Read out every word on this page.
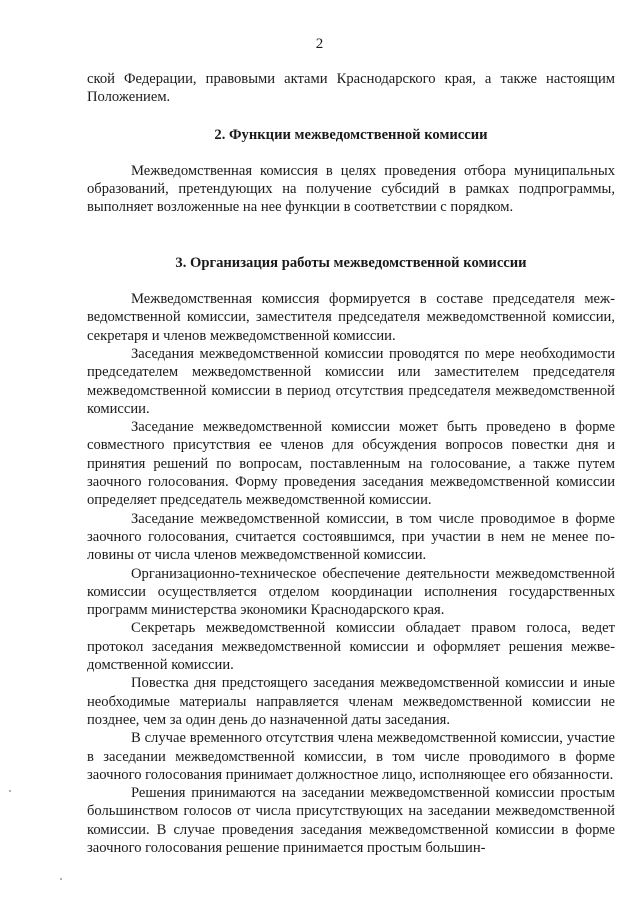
2

ской Федерации, правовыми актами Краснодарского края, а также настоящим Положением.

2. Функции межведомственной комиссии

Межведомственная комиссия в целях проведения отбора муниципальных образований, претендующих на получение субсидий в рамках подпрограммы, выполняет возложенные на нее функции в соответствии с порядком.

3. Организация работы межведомственной комиссии

Межведомственная комиссия формируется в составе председателя межведомственной комиссии, заместителя председателя межведомственной комиссии, секретаря и членов межведомственной комиссии.

Заседания межведомственной комиссии проводятся по мере необходимости председателем межведомственной комиссии или заместителем председателя межведомственной комиссии в период отсутствия председателя межведомственной комиссии.

Заседание межведомственной комиссии может быть проведено в форме совместного присутствия ее членов для обсуждения вопросов повестки дня и принятия решений по вопросам, поставленным на голосование, а также путем заочного голосования. Форму проведения заседания межведомственной комиссии определяет председатель межведомственной комиссии.

Заседание межведомственной комиссии, в том числе проводимое в форме заочного голосования, считается состоявшимся, при участии в нем не менее половины от числа членов межведомственной комиссии.

Организационно-техническое обеспечение деятельности межведомственной комиссии осуществляется отделом координации исполнения государственных программ министерства экономики Краснодарского края.

Секретарь межведомственной комиссии обладает правом голоса, ведет протокол заседания межведомственной комиссии и оформляет решения межведомственной комиссии.

Повестка дня предстоящего заседания межведомственной комиссии и иные необходимые материалы направляется членам межведомственной комиссии не позднее, чем за один день до назначенной даты заседания.

В случае временного отсутствия члена межведомственной комиссии, участие в заседании межведомственной комиссии, в том числе проводимого в форме заочного голосования принимает должностное лицо, исполняющее его обязанности.

Решения принимаются на заседании межведомственной комиссии простым большинством голосов от числа присутствующих на заседании межведомственной комиссии. В случае проведения заседания межведомственной комиссии в форме заочного голосования решение принимается простым большин-
